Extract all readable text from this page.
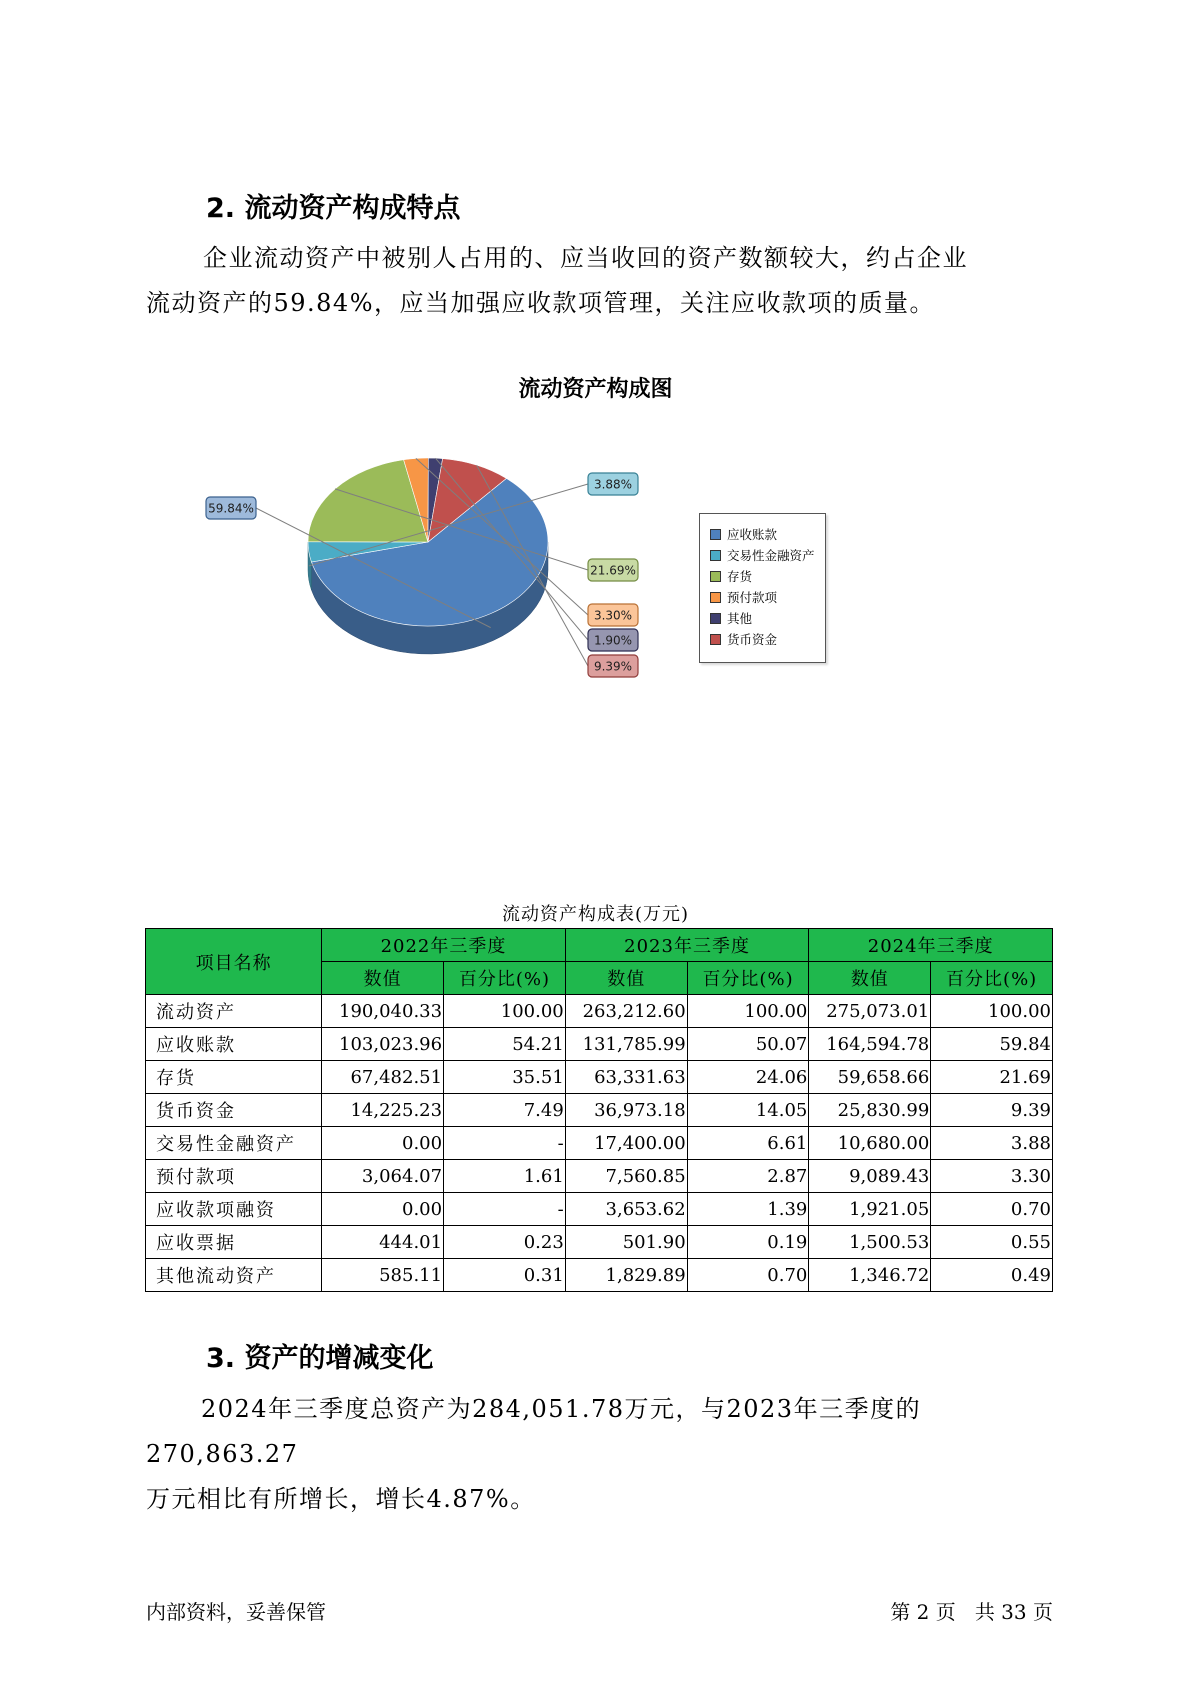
2. 流动资产构成特点

企业流动资产中被别人占用的、应当收回的资产数额较大，约占企业
流动资产的59.84%，应当加强应收款项管理，关注应收款项的质量。

流动资产构成图
59.84%
3.88%
21.69%
3.30%
1.90%
9.39%
应收账款
交易性金融资产
存货
预付款项
其他
货币资金
流动资产构成表(万元)
项目名称	2022年三季度		2023年三季度		2024年三季度	
	数值	百分比(%)	数值	百分比(%)	数值	百分比(%)
流动资产	190,040.33	100.00	263,212.60	100.00	275,073.01	100.00
应收账款	103,023.96	54.21	131,785.99	50.07	164,594.78	59.84
存货	67,482.51	35.51	63,331.63	24.06	59,658.66	21.69
货币资金	14,225.23	7.49	36,973.18	14.05	25,830.99	9.39
交易性金融资产	0.00	-	17,400.00	6.61	10,680.00	3.88
预付款项	3,064.07	1.61	7,560.85	2.87	9,089.43	3.30
应收款项融资	0.00	-	3,653.62	1.39	1,921.05	0.70
应收票据	444.01	0.23	501.90	0.19	1,500.53	0.55
其他流动资产	585.11	0.31	1,829.89	0.70	1,346.72	0.49
3. 资产的增减变化

2024年三季度总资产为284,051.78万元，与2023年三季度的270,863.27
万元相比有所增长，增长4.87%。

内部资料，妥善保管	第 2 页   共 33 页
